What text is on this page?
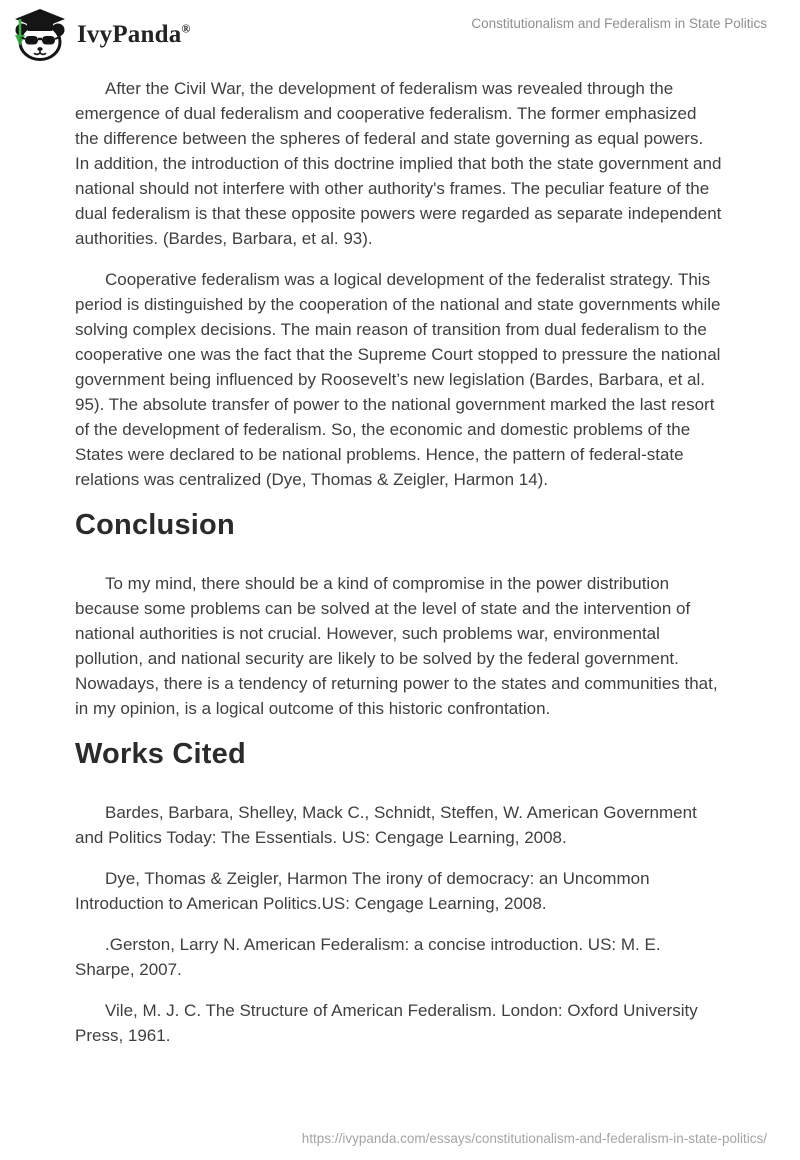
IvyPanda®	Constitutionalism and Federalism in State Politics

After the Civil War, the development of federalism was revealed through the emergence of dual federalism and cooperative federalism. The former emphasized the difference between the spheres of federal and state governing as equal powers. In addition, the introduction of this doctrine implied that both the state government and national should not interfere with other authority's frames. The peculiar feature of the dual federalism is that these opposite powers were regarded as separate independent authorities. (Bardes, Barbara, et al. 93).

Cooperative federalism was a logical development of the federalist strategy. This period is distinguished by the cooperation of the national and state governments while solving complex decisions. The main reason of transition from dual federalism to the cooperative one was the fact that the Supreme Court stopped to pressure the national government being influenced by Roosevelt’s new legislation (Bardes, Barbara, et al. 95). The absolute transfer of power to the national government marked the last resort of the development of federalism. So, the economic and domestic problems of the States were declared to be national problems. Hence, the pattern of federal-state relations was centralized (Dye, Thomas & Zeigler, Harmon 14).

Conclusion

To my mind, there should be a kind of compromise in the power distribution because some problems can be solved at the level of state and the intervention of national authorities is not crucial. However, such problems war, environmental pollution, and national security are likely to be solved by the federal government. Nowadays, there is a tendency of returning power to the states and communities that, in my opinion, is a logical outcome of this historic confrontation.

Works Cited

Bardes, Barbara, Shelley, Mack C., Schnidt, Steffen, W. American Government and Politics Today: The Essentials. US: Cengage Learning, 2008.

Dye, Thomas & Zeigler, Harmon The irony of democracy: an Uncommon Introduction to American Politics.US: Cengage Learning, 2008.

.Gerston, Larry N. American Federalism: a concise introduction. US: M. E. Sharpe, 2007.

Vile, M. J. C. The Structure of American Federalism. London: Oxford University Press, 1961.

https://ivypanda.com/essays/constitutionalism-and-federalism-in-state-politics/
